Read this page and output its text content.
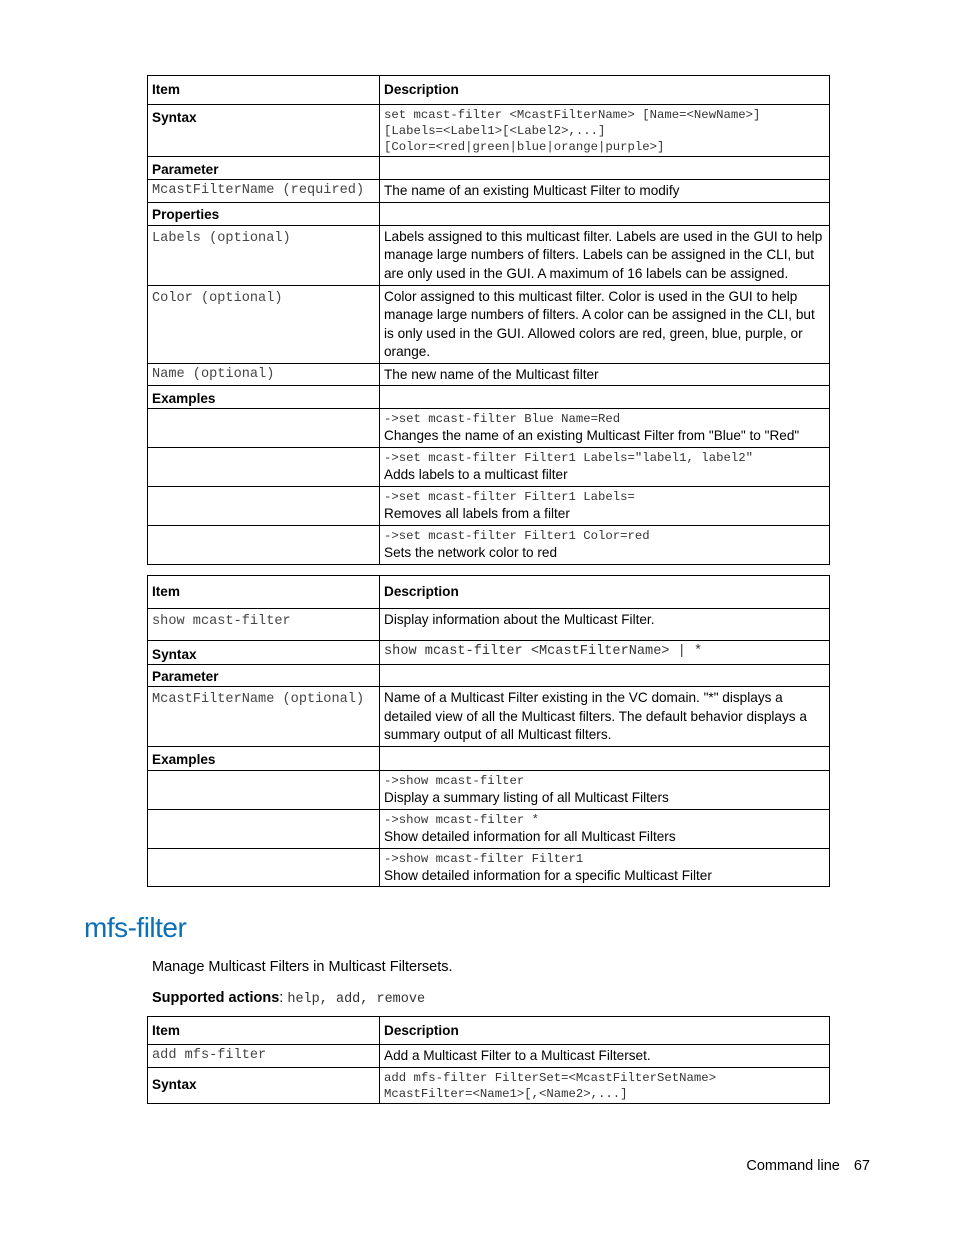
Item	Description
Syntax	set mcast-filter <McastFilterName> [Name=<NewName>]
[Labels=<Label1>[<Label2>,...]
[Color=<red|green|blue|orange|purple>]

Parameter	
McastFilterName (required)	The name of an existing Multicast Filter to modify
Properties	
Labels (optional)	Labels assigned to this multicast filter. Labels are used in the GUI to help manage large numbers of filters. Labels can be assigned in the CLI, but are only used in the GUI. A maximum of 16 labels can be assigned.
Color (optional)	Color assigned to this multicast filter. Color is used in the GUI to help manage large numbers of filters. A color can be assigned in the CLI, but is only used in the GUI. Allowed colors are red, green, blue, purple, or orange.
Name (optional)	The new name of the Multicast filter
Examples	

	->set mcast-filter Blue Name=Red
Changes the name of an existing Multicast Filter from "Blue" to "Red"

	->set mcast-filter Filter1 Labels="label1, label2"
Adds labels to a multicast filter

	->set mcast-filter Filter1 Labels=
Removes all labels from a filter

	->set mcast-filter Filter1 Color=red
Sets the network color to red
Item	Description
show mcast-filter	Display information about the Multicast Filter.
Syntax	show mcast-filter <McastFilterName> | *
Parameter	
McastFilterName (optional)	Name of a Multicast Filter existing in the VC domain. "*" displays a detailed view of all the Multicast filters. The default behavior displays a summary output of all Multicast filters.
Examples	

	->show mcast-filter
Display a summary listing of all Multicast Filters

	->show mcast-filter *
Show detailed information for all Multicast Filters

	->show mcast-filter Filter1
Show detailed information for a specific Multicast Filter
mfs-filter
Manage Multicast Filters in Multicast Filtersets.
Supported actions: help, add, remove
Item	Description
add mfs-filter	Add a Multicast Filter to a Multicast Filterset.
Syntax	add mfs-filter FilterSet=<McastFilterSetName>
McastFilter=<Name1>[,<Name2>,...]
Command line 67
